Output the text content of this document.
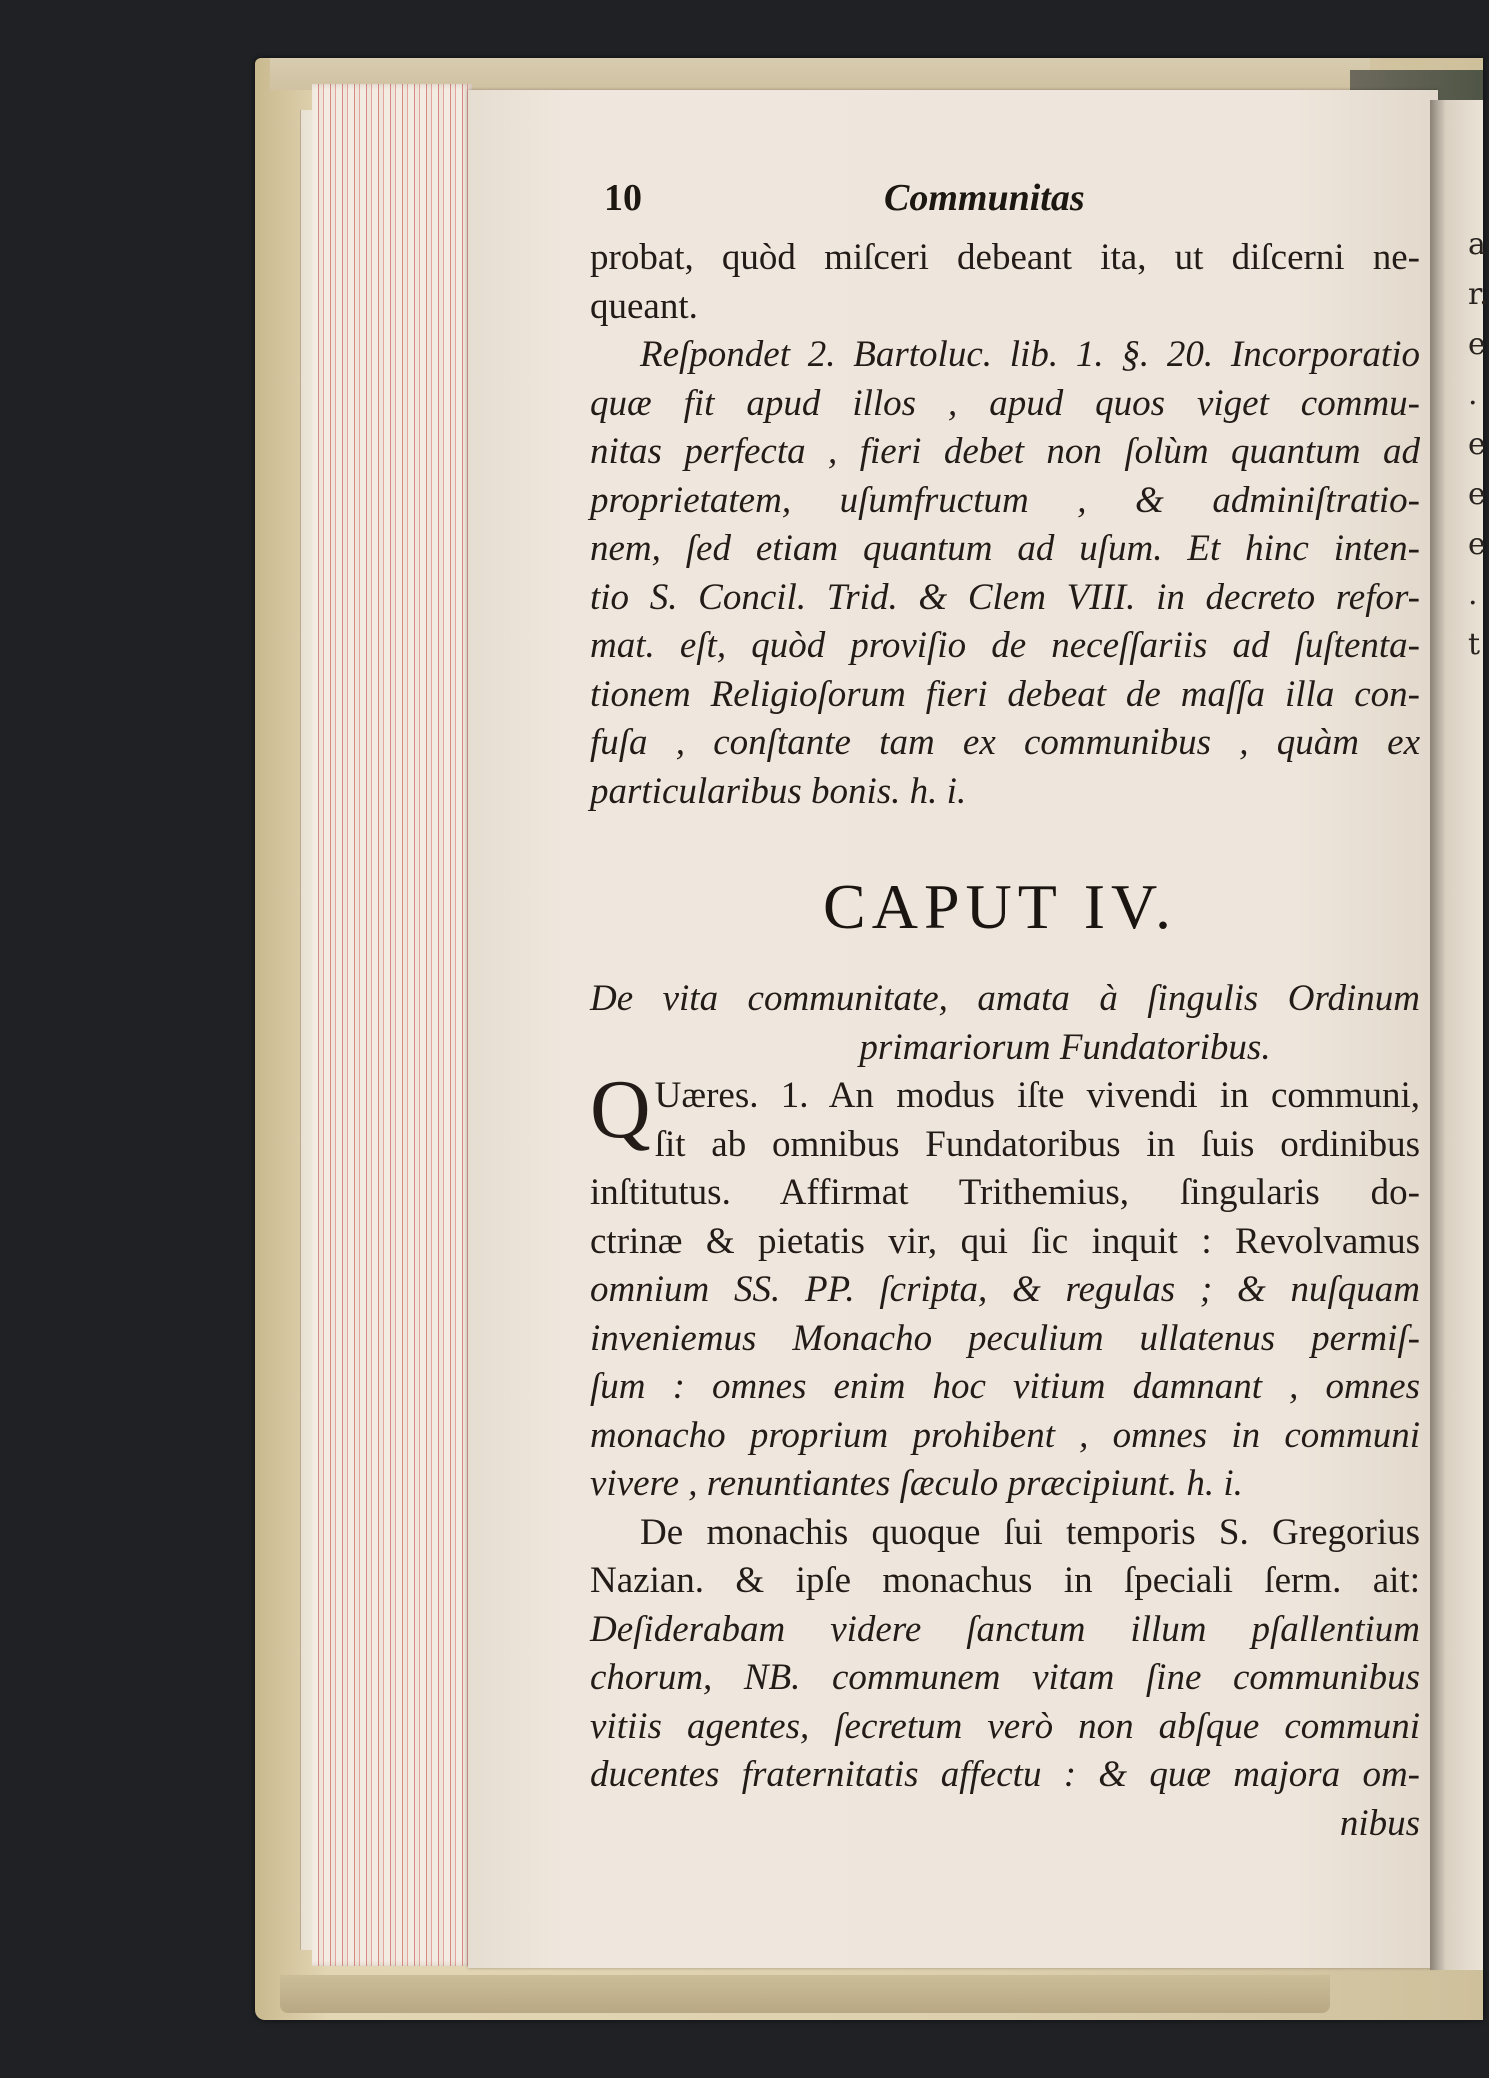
a r. e . e e e . t
10	Communitas
probat, quòd miſceri debeant ita, ut diſcerni ne-
queant.
Reſpondet 2. Bartoluc. lib. 1. §. 20. Incorporatio
quæ fit apud illos , apud quos viget commu-
nitas perfecta , fieri debet non ſolùm quantum ad
proprietatem, uſumfructum , & adminiſtratio-
nem, ſed etiam quantum ad uſum. Et hinc inten-
tio S. Concil. Trid. & Clem VIII. in decreto refor-
mat. eſt, quòd proviſio de neceſſariis ad ſuſtenta-
tionem Religioſorum fieri debeat de maſſa illa con-
fuſa , conſtante tam ex communibus , quàm ex
particularibus bonis. h. i.
CAPUT IV.
De vita communitate, amata à ſingulis Ordinum
primariorum Fundatoribus.
Q Uæres. 1. An modus iſte vivendi in communi,
ſit ab omnibus Fundatoribus in ſuis ordinibus
inſtitutus. Affirmat Trithemius, ſingularis do-
ctrinæ & pietatis vir, qui ſic inquit : Revolvamus
omnium SS. PP. ſcripta, & regulas ; & nuſquam
inveniemus Monacho peculium ullatenus permiſ-
ſum : omnes enim hoc vitium damnant , omnes
monacho proprium prohibent , omnes in communi
vivere , renuntiantes ſæculo præcipiunt. h. i.
De monachis quoque ſui temporis S. Gregorius
Nazian. & ipſe monachus in ſpeciali ſerm. ait:
Deſiderabam videre ſanctum illum pſallentium
chorum, NB. communem vitam ſine communibus
vitiis agentes, ſecretum verò non abſque communi
ducentes fraternitatis affectu : & quæ majora om-
nibus
